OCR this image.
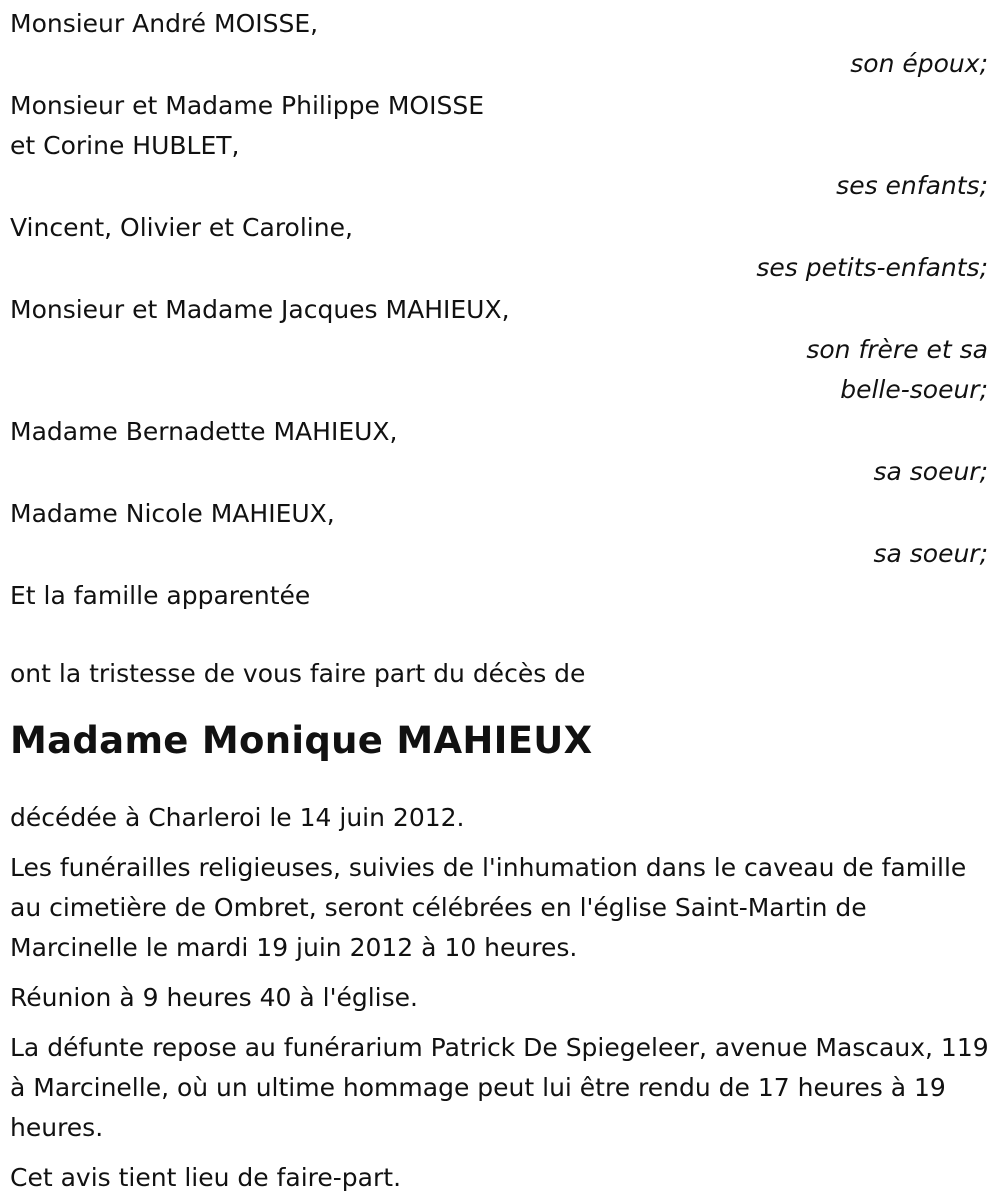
Monsieur André MOISSE,
son époux;
Monsieur et Madame Philippe MOISSE
et Corine HUBLET,
ses enfants;
Vincent, Olivier et Caroline,
ses petits-enfants;
Monsieur et Madame Jacques MAHIEUX,
son frère et sa
belle-soeur;
Madame Bernadette MAHIEUX,
sa soeur;
Madame Nicole MAHIEUX,
sa soeur;
Et la famille apparentée
ont la tristesse de vous faire part du décès de
Madame Monique MAHIEUX

décédée à Charleroi le 14 juin 2012.

Les funérailles religieuses, suivies de l'inhumation dans le caveau de famille au cimetière de Ombret, seront célébrées en l'église Saint-Martin de Marcinelle le mardi 19 juin 2012 à 10 heures.

Réunion à 9 heures 40 à l'église.

La défunte repose au funérarium Patrick De Spiegeleer, avenue Mascaux, 119 à Marcinelle, où un ultime hommage peut lui être rendu de 17 heures à 19 heures.

Cet avis tient lieu de faire-part.
